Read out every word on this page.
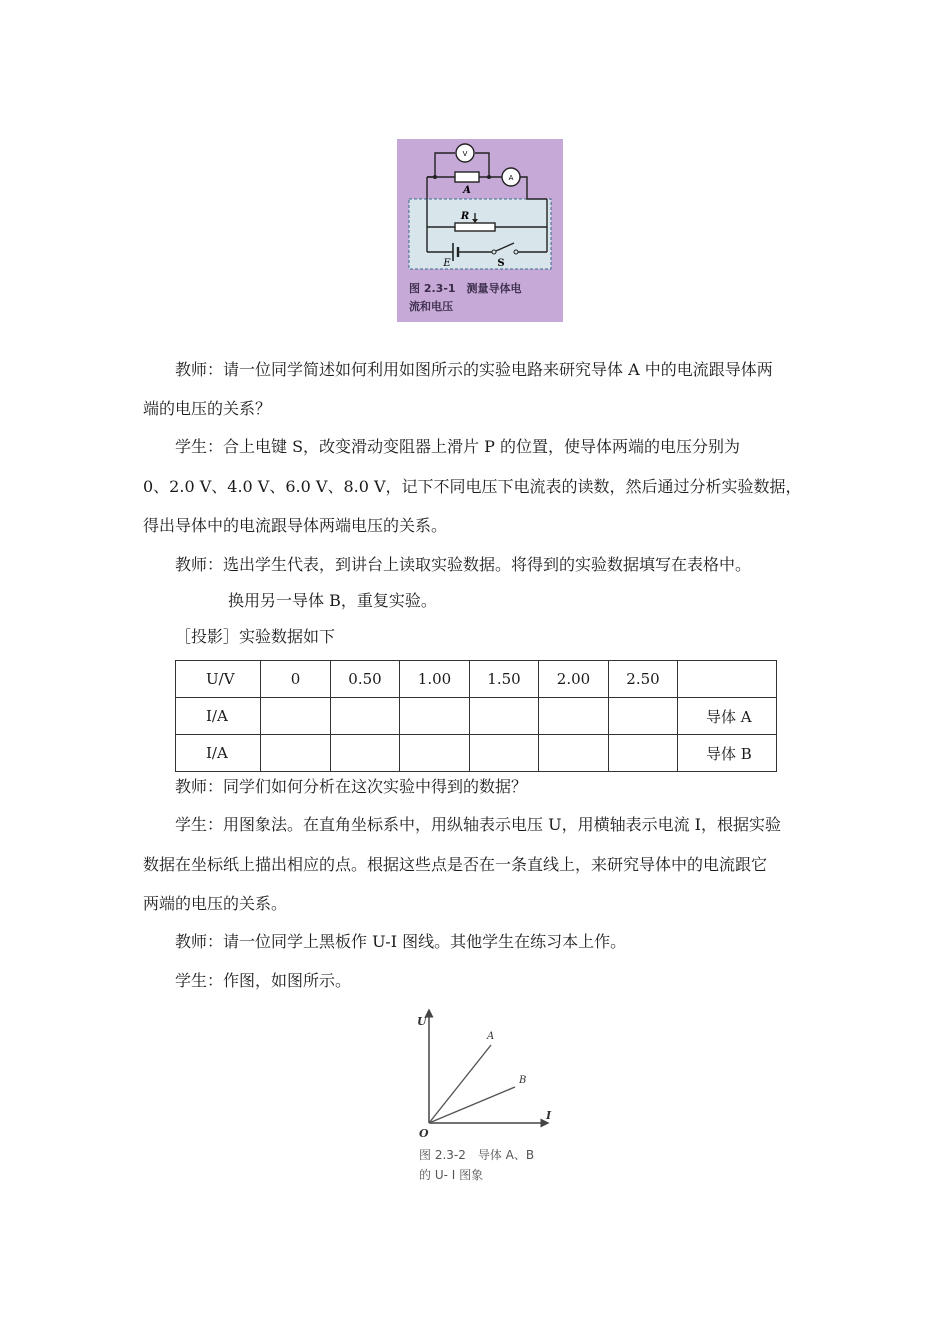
V
A
A
R
E	S
图 2.3-1　测量导体电
流和电压
教师：请一位同学简述如何利用如图所示的实验电路来研究导体 A 中的电流跟导体两
端的电压的关系？
学生：合上电键 S，改变滑动变阻器上滑片 P 的位置，使导体两端的电压分别为
0、2.0 V、4.0 V、6.0 V、8.0 V，记下不同电压下电流表的读数，然后通过分析实验数据，
得出导体中的电流跟导体两端电压的关系。
教师：选出学生代表，到讲台上读取实验数据。将得到的实验数据填写在表格中。
换用另一导体 B，重复实验。
［投影］实验数据如下
U/V	0	0.50	1.00	1.50	2.00	2.50	
I/A							导体 A
I/A							导体 B
教师：同学们如何分析在这次实验中得到的数据？
学生：用图象法。在直角坐标系中，用纵轴表示电压 U，用横轴表示电流 I，根据实验
数据在坐标纸上描出相应的点。根据这些点是否在一条直线上，来研究导体中的电流跟它
两端的电压的关系。
教师：请一位同学上黑板作 U-I 图线。其他学生在练习本上作。
学生：作图，如图所示。
U
I
O
A
B
图 2.3-2　导体 A、B
的 U- I 图象
